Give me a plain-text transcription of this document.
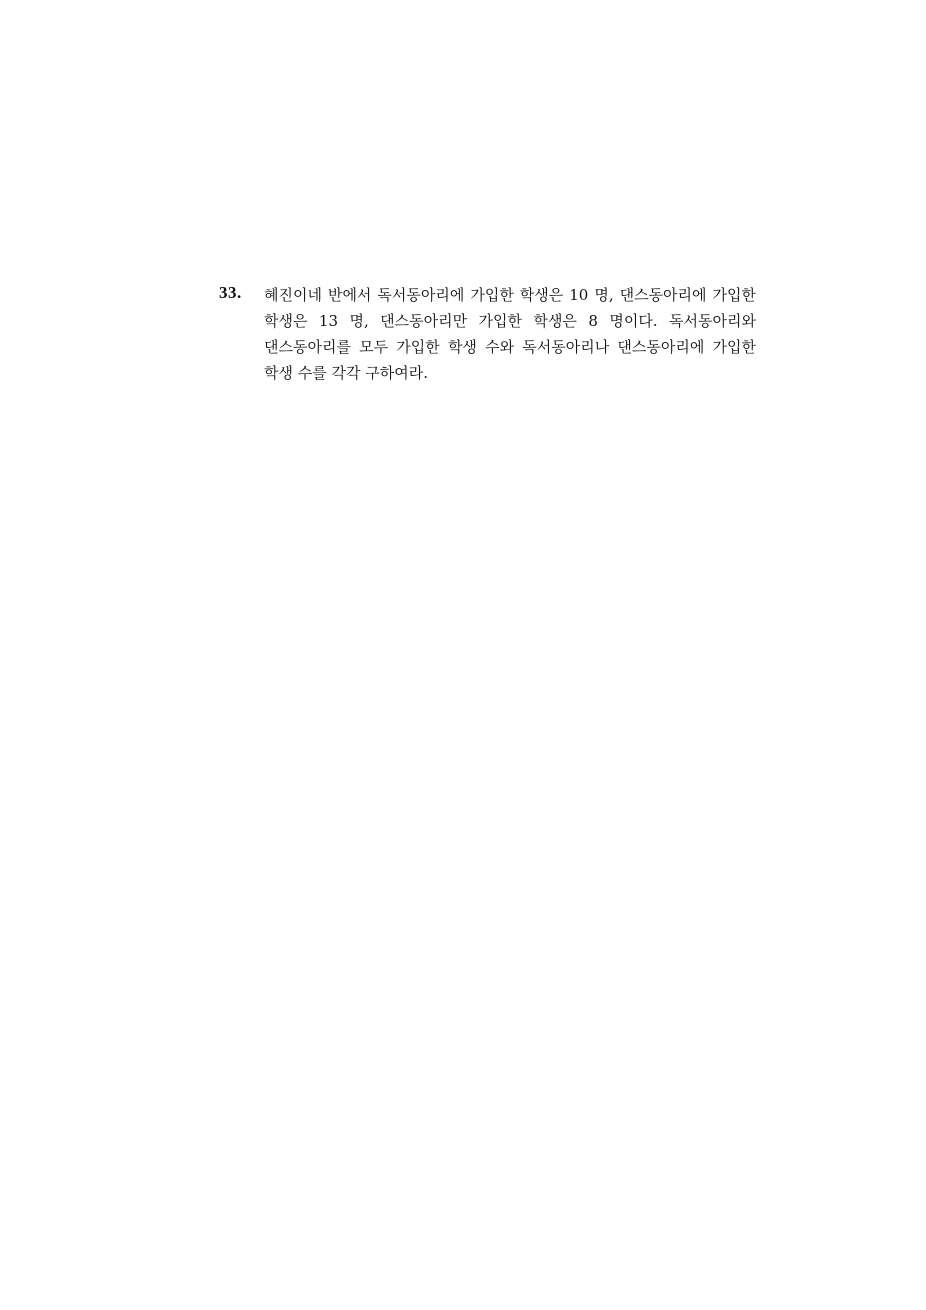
33. 혜진이네 반에서 독서동아리에 가입한 학생은 10 명, 댄스동아리에 가입한 학생은 13 명, 댄스동아리만 가입한 학생은 8 명이다. 독서동아리와 댄스동아리를 모두 가입한 학생 수와 독서동아리나 댄스동아리에 가입한 학생 수를 각각 구하여라.
